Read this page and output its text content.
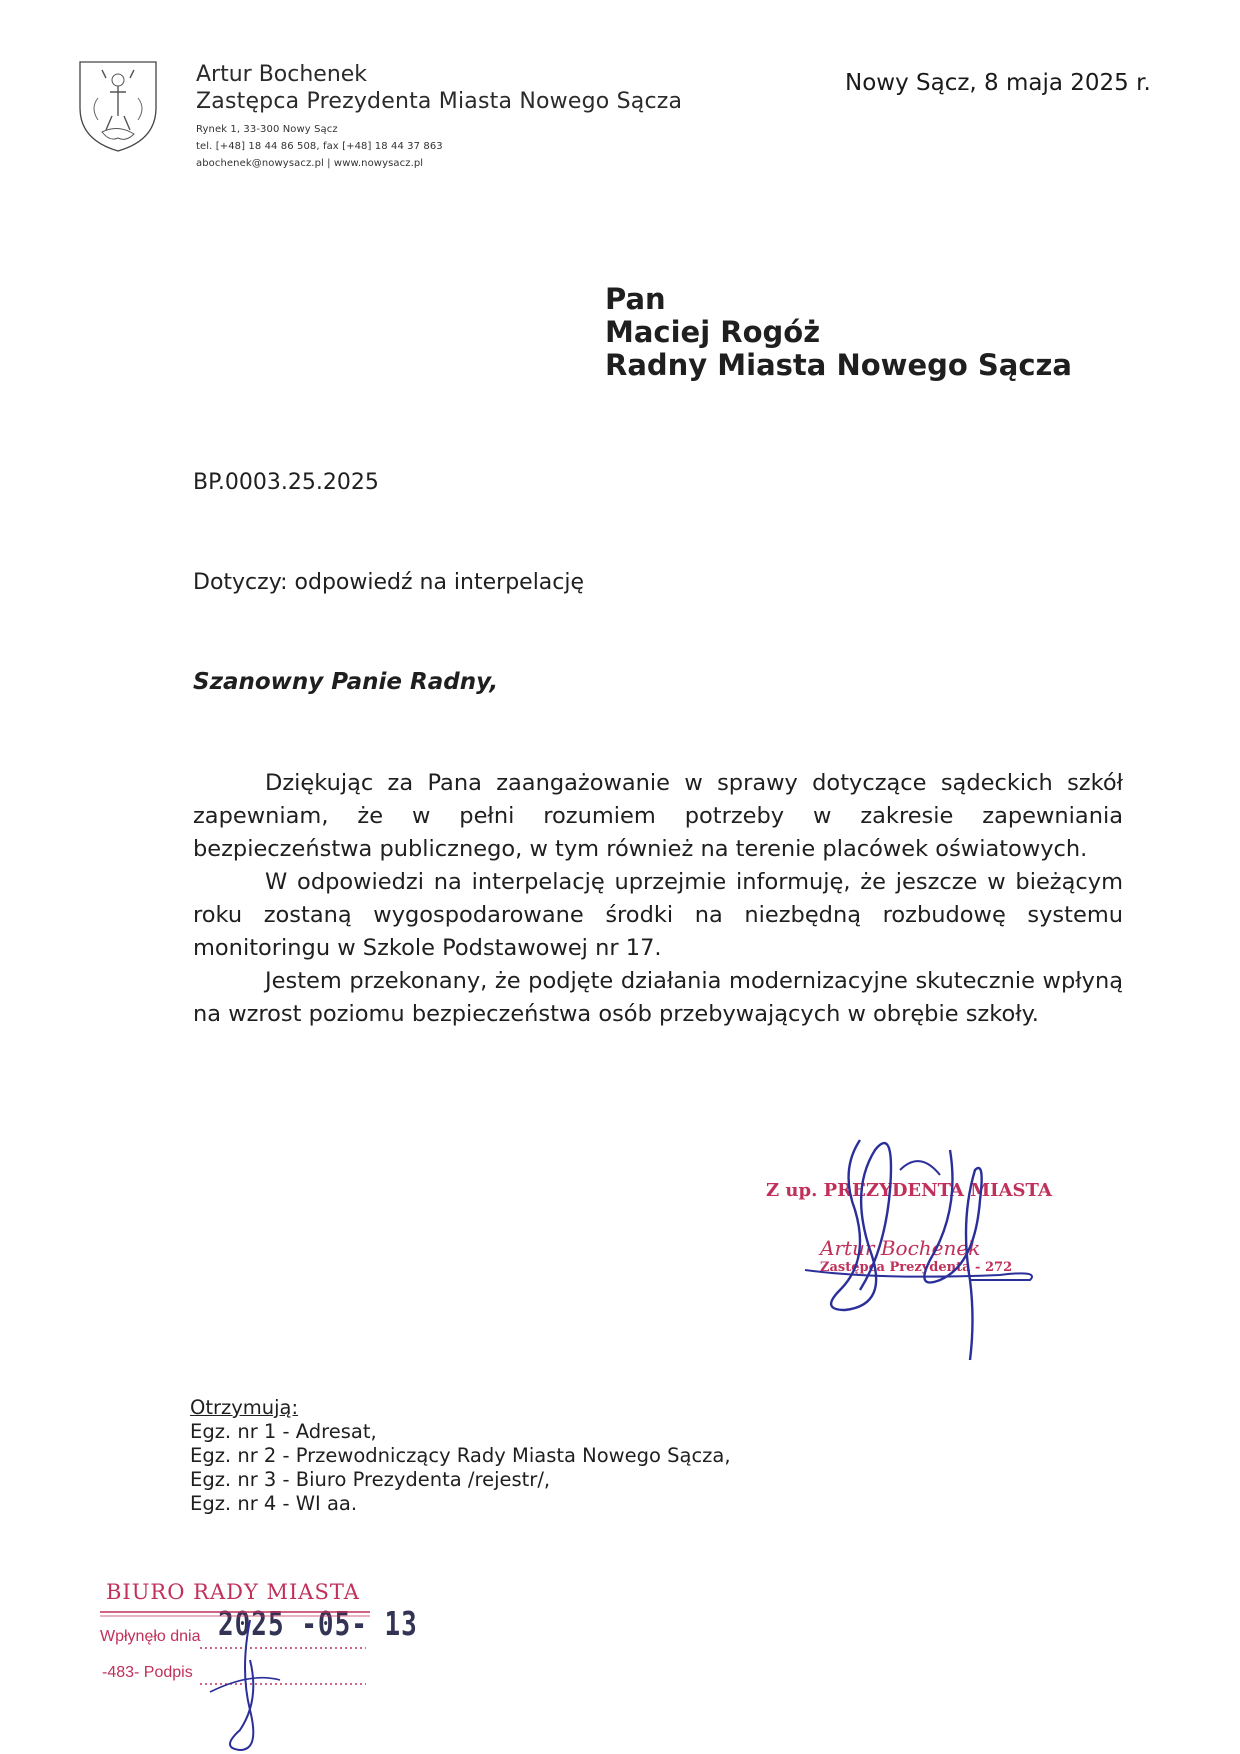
Artur Bochenek
Zastępca Prezydenta Miasta Nowego Sącza
Rynek 1, 33-300 Nowy Sącz
tel. [+48] 18 44 86 508, fax [+48] 18 44 37 863
abochenek@nowysacz.pl | www.nowysacz.pl
Nowy Sącz, 8 maja 2025 r.
Pan
Maciej Rogóż
Radny Miasta Nowego Sącza
BP.0003.25.2025
Dotyczy: odpowiedź na interpelację
Szanowny Panie Radny,

Dziękując za Pana zaangażowanie w sprawy dotyczące sądeckich szkół zapewniam, że w pełni rozumiem potrzeby w zakresie zapewniania bezpieczeństwa publicznego, w tym również na terenie placówek oświatowych.

W odpowiedzi na interpelację uprzejmie informuję, że jeszcze w bieżącym roku zostaną wygospodarowane środki na niezbędną rozbudowę systemu monitoringu w Szkole Podstawowej nr 17.

Jestem przekonany, że podjęte działania modernizacyjne skutecznie wpłyną na wzrost poziomu bezpieczeństwa osób przebywających w obrębie szkoły.

Z up. PREZYDENTA MIASTA
Artur Bochenek
Zastępca Prezydenta - 272
Otrzymują:
Egz. nr 1 - Adresat,
Egz. nr 2 - Przewodniczący Rady Miasta Nowego Sącza,
Egz. nr 3 - Biuro Prezydenta /rejestr/,
Egz. nr 4 - WI aa.
BIURO RADY MIASTA
Wpłynęło dnia 2025 -05- 13
-483- Podpis
